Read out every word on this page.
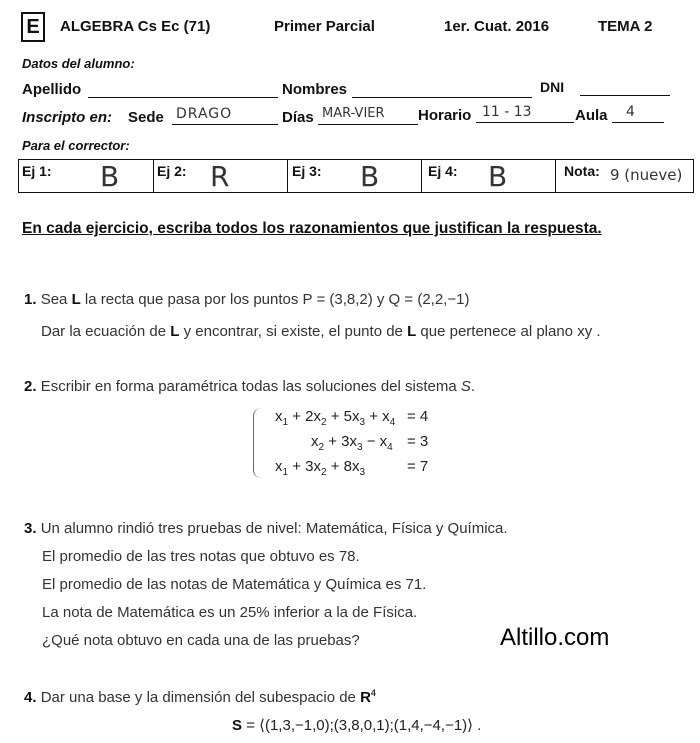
E	ALGEBRA Cs Ec (71)	Primer Parcial	1er. Cuat. 2016	TEMA 2
Datos del alumno:
Apellido	Nombres	DNI
Inscripto en: Sede DRAGO	Días MAR-VIER Horario 11 - 13	Aula 4
Para el corrector:
Ej 1: B	Ej 2: R	Ej 3: B	Ej 4: B	Nota: 9 (nueve)
En cada ejercicio, escriba todos los razonamientos que justifican la respuesta.
1. Sea L la recta que pasa por los puntos P = (3,8,2) y Q = (2,2,−1)
Dar la ecuación de L y encontrar, si existe, el punto de L que pertenece al plano xy .
2. Escribir en forma paramétrica todas las soluciones del sistema S.
$x_1 + 2x_2 + 5x_3 + x_4 = 4$
$x_2 + 3x_3 - x_4 = 3$
$x_1 + 3x_2 + 8x_3$	= 7
3. Un alumno rindió tres pruebas de nivel: Matemática, Física y Química.
El promedio de las tres notas que obtuvo es 78.
El promedio de las notas de Matemática y Química es 71.
La nota de Matemática es un 25% inferior a la de Física.
¿Qué nota obtuvo en cada una de las pruebas?	Altillo.com
4. Dar una base y la dimensión del subespacio de $R^4$
S = ⟨(1,3,−1,0);(3,8,0,1);(1,4,−4,−1)⟩ .
